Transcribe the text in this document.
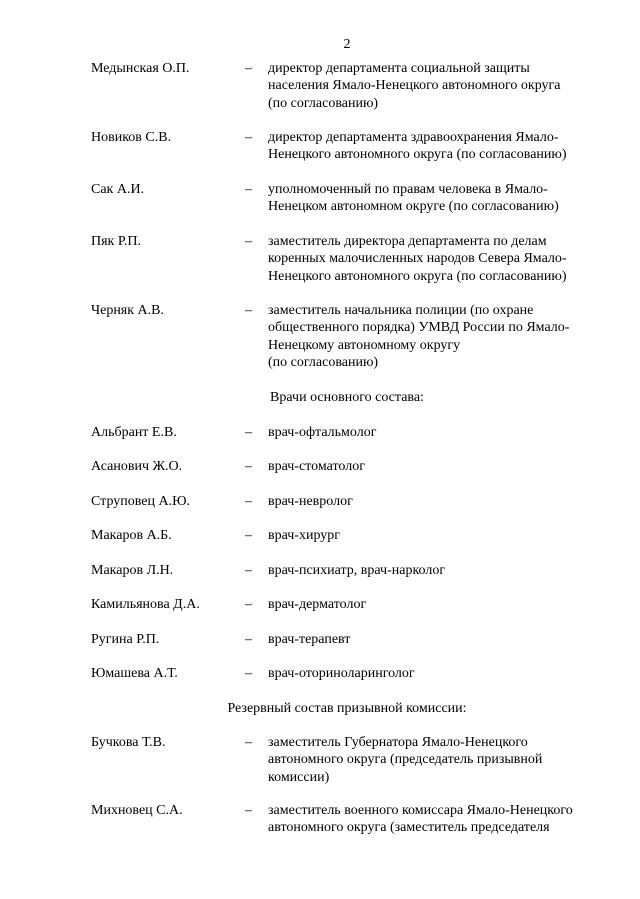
2
Медынская О.П.	– директор департамента социальной защиты
населения Ямало-Ненецкого автономного округа
(по согласованию)
Новиков С.В.	– директор департамента здравоохранения Ямало-
Ненецкого автономного округа (по согласованию)
Сак А.И.	– уполномоченный по правам человека в Ямало-
Ненецком автономном округе (по согласованию)
Пяк Р.П.	– заместитель директора департамента по делам
коренных малочисленных народов Севера Ямало-
Ненецкого автономного округа (по согласованию)
Черняк А.В.	– заместитель начальника полиции (по охране
общественного порядка) УМВД России по Ямало-
Ненецкому автономному округу
(по согласованию)
Врачи основного состава:
Альбрант Е.В.	– врач-офтальмолог
Асанович Ж.О.	– врач-стоматолог
Струповец А.Ю.	– врач-невролог
Макаров А.Б.	– врач-хирург
Макаров Л.Н.	– врач-психиатр, врач-нарколог
Камильянова Д.А.	– врач-дерматолог
Ругина Р.П.	– врач-терапевт
Юмашева А.Т.	– врач-оториноларинголог
Резервный состав призывной комиссии:
Бучкова Т.В.	– заместитель Губернатора Ямало-Ненецкого
автономного округа (председатель призывной
комиссии)
Михновец С.А.	– заместитель военного комиссара Ямало-Ненецкого
автономного округа (заместитель председателя
